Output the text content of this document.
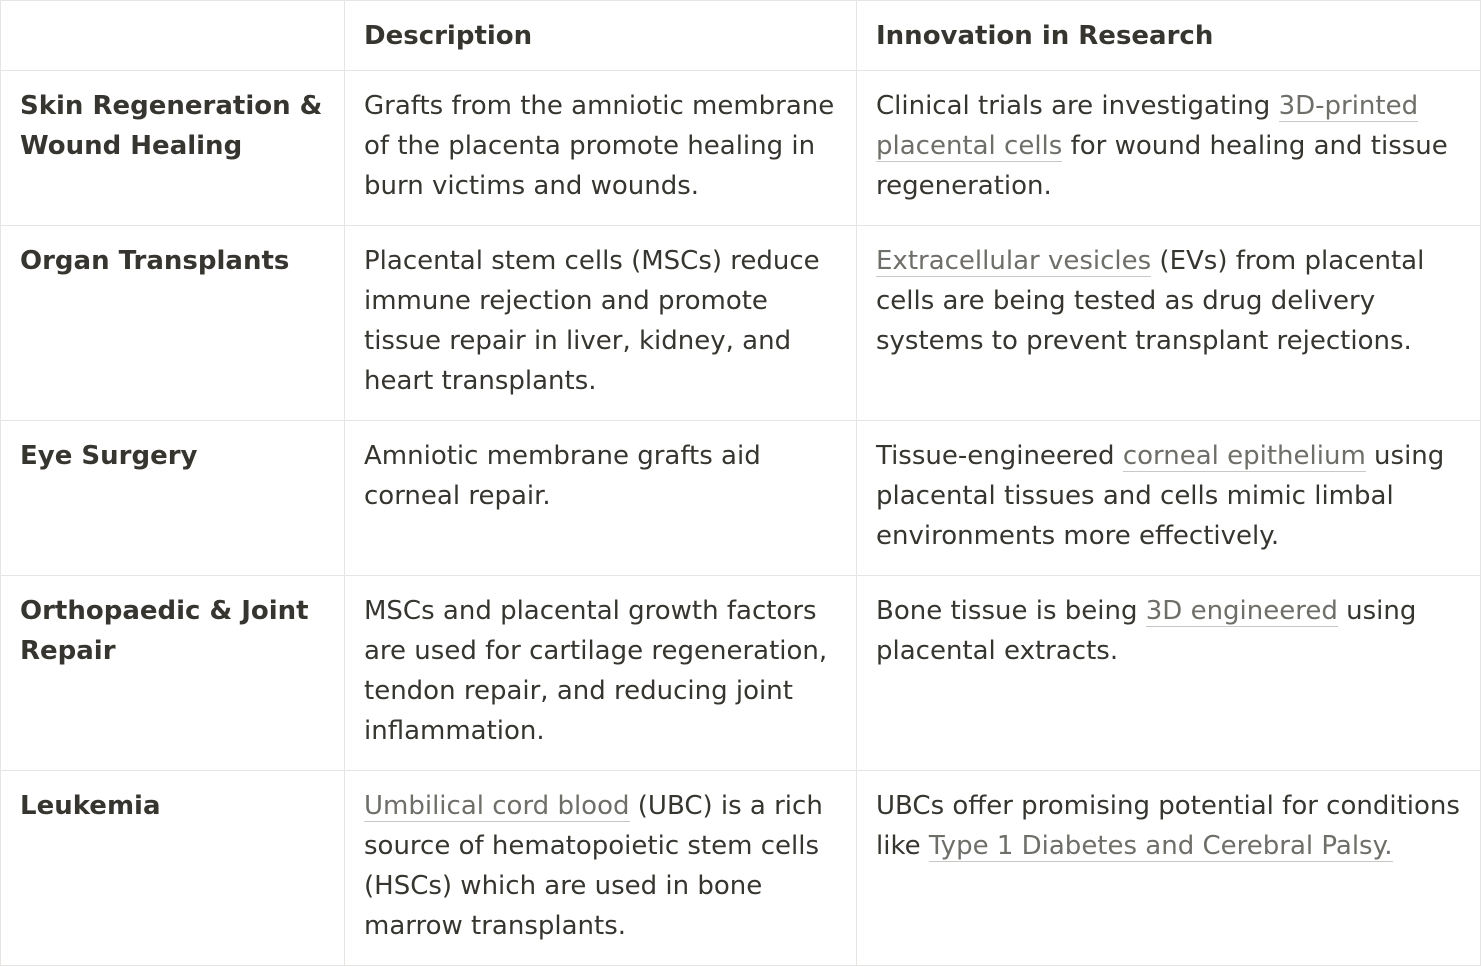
	Description	Innovation in Research
Skin Regeneration & Wound Healing	Grafts from the amniotic membrane of the placenta promote healing in burn victims and wounds.	Clinical trials are investigating 3D-printed placental cells for wound healing and tissue regeneration.
Organ Transplants	Placental stem cells (MSCs) reduce immune rejection and promote tissue repair in liver, kidney, and heart transplants.	Extracellular vesicles (EVs) from placental cells are being tested as drug delivery systems to prevent transplant rejections.
Eye Surgery	Amniotic membrane grafts aid corneal repair.	Tissue-engineered corneal epithelium using placental tissues and cells mimic limbal environments more effectively.
Orthopaedic & Joint Repair	MSCs and placental growth factors are used for cartilage regeneration, tendon repair, and reducing joint inflammation.	Bone tissue is being 3D engineered using placental extracts.
Leukemia	Umbilical cord blood (UBC) is a rich source of hematopoietic stem cells (HSCs) which are used in bone marrow transplants.	UBCs offer promising potential for conditions like Type 1 Diabetes and Cerebral Palsy.
